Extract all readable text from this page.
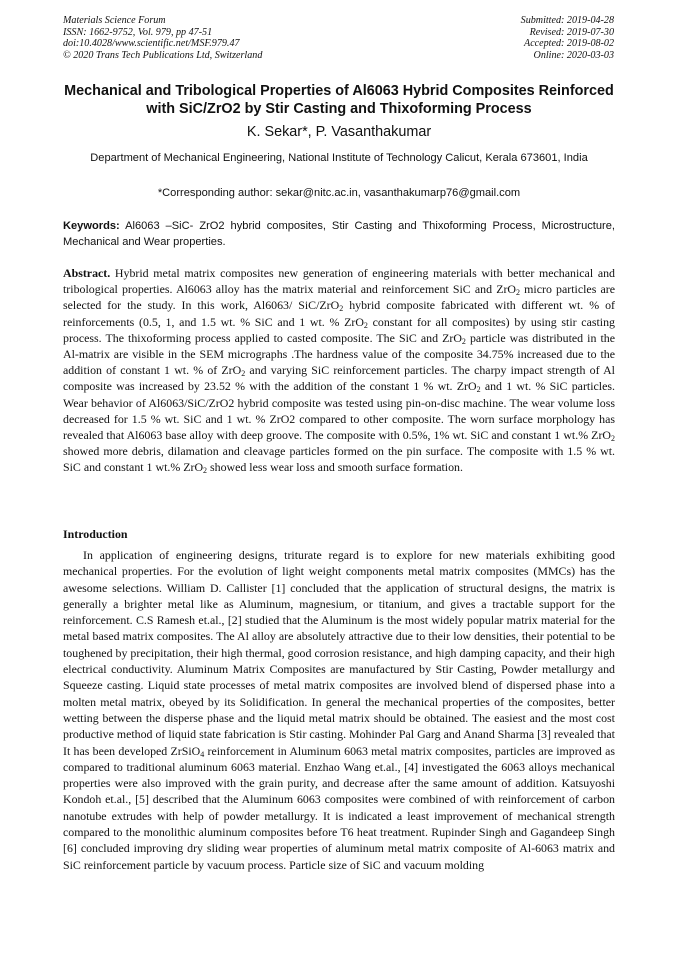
Materials Science Forum
ISSN: 1662-9752, Vol. 979, pp 47-51
doi:10.4028/www.scientific.net/MSF.979.47
© 2020 Trans Tech Publications Ltd, Switzerland
Submitted: 2019-04-28
Revised: 2019-07-30
Accepted: 2019-08-02
Online: 2020-03-03
Mechanical and Tribological Properties of Al6063 Hybrid Composites Reinforced with SiC/ZrO2 by Stir Casting and Thixoforming Process
K. Sekar*, P. Vasanthakumar
Department of Mechanical Engineering, National Institute of Technology Calicut, Kerala 673601, India
*Corresponding author: sekar@nitc.ac.in, vasanthakumarp76@gmail.com
Keywords: Al6063 –SiC- ZrO2 hybrid composites, Stir Casting and Thixoforming Process, Microstructure, Mechanical and Wear properties.
Abstract. Hybrid metal matrix composites new generation of engineering materials with better mechanical and tribological properties. Al6063 alloy has the matrix material and reinforcement SiC and ZrO$_2$ micro particles are selected for the study. In this work, Al6063/ SiC/ZrO$_2$ hybrid composite fabricated with different wt. % of reinforcements (0.5, 1, and 1.5 wt. % SiC and 1 wt. % ZrO$_2$ constant for all composites) by using stir casting process. The thixoforming process applied to casted composite. The SiC and ZrO$_2$ particle was distributed in the Al-matrix are visible in the SEM micrographs .The hardness value of the composite 34.75% increased due to the addition of constant 1 wt. % of ZrO$_2$ and varying SiC reinforcement particles. The charpy impact strength of Al composite was increased by 23.52 % with the addition of the constant 1 % wt. ZrO$_2$ and 1 wt. % SiC particles. Wear behavior of Al6063/SiC/ZrO2 hybrid composite was tested using pin-on-disc machine. The wear volume loss decreased for 1.5 % wt. SiC and 1 wt. % ZrO2 compared to other composite. The worn surface morphology has revealed that Al6063 base alloy with deep groove. The composite with 0.5%, 1% wt. SiC and constant 1 wt.% ZrO$_2$ showed more debris, dilamation and cleavage particles formed on the pin surface. The composite with 1.5 % wt. SiC and constant 1 wt.% ZrO$_2$ showed less wear loss and smooth surface formation.
Introduction
In application of engineering designs, triturate regard is to explore for new materials exhibiting good mechanical properties. For the evolution of light weight components metal matrix composites (MMCs) has the awesome selections. William D. Callister [1] concluded that the application of structural designs, the matrix is generally a brighter metal like as Aluminum, magnesium, or titanium, and gives a tractable support for the reinforcement. C.S Ramesh et.al., [2] studied that the Aluminum is the most widely popular matrix material for the metal based matrix composites. The Al alloy are absolutely attractive due to their low densities, their potential to be toughened by precipitation, their high thermal, good corrosion resistance, and high damping capacity, and their high electrical conductivity. Aluminum Matrix Composites are manufactured by Stir Casting, Powder metallurgy and Squeeze casting. Liquid state processes of metal matrix composites are involved blend of dispersed phase into a molten metal matrix, obeyed by its Solidification. In general the mechanical properties of the composites, better wetting between the disperse phase and the liquid metal matrix should be obtained. The easiest and the most cost productive method of liquid state fabrication is Stir casting. Mohinder Pal Garg and Anand Sharma [3] revealed that It has been developed ZrSiO$_4$ reinforcement in Aluminum 6063 metal matrix composites, particles are improved as compared to traditional aluminum 6063 material. Enzhao Wang et.al., [4] investigated the 6063 alloys mechanical properties were also improved with the grain purity, and decrease after the same amount of addition. Katsuyoshi Kondoh et.al., [5] described that the Aluminum 6063 composites were combined of with reinforcement of carbon nanotube extrudes with help of powder metallurgy. It is indicated a least improvement of mechanical strength compared to the monolithic aluminum composites before T6 heat treatment. Rupinder Singh and Gagandeep Singh [6] concluded improving dry sliding wear properties of aluminum metal matrix composite of Al-6063 matrix and SiC reinforcement particle by vacuum process. Particle size of SiC and vacuum molding
